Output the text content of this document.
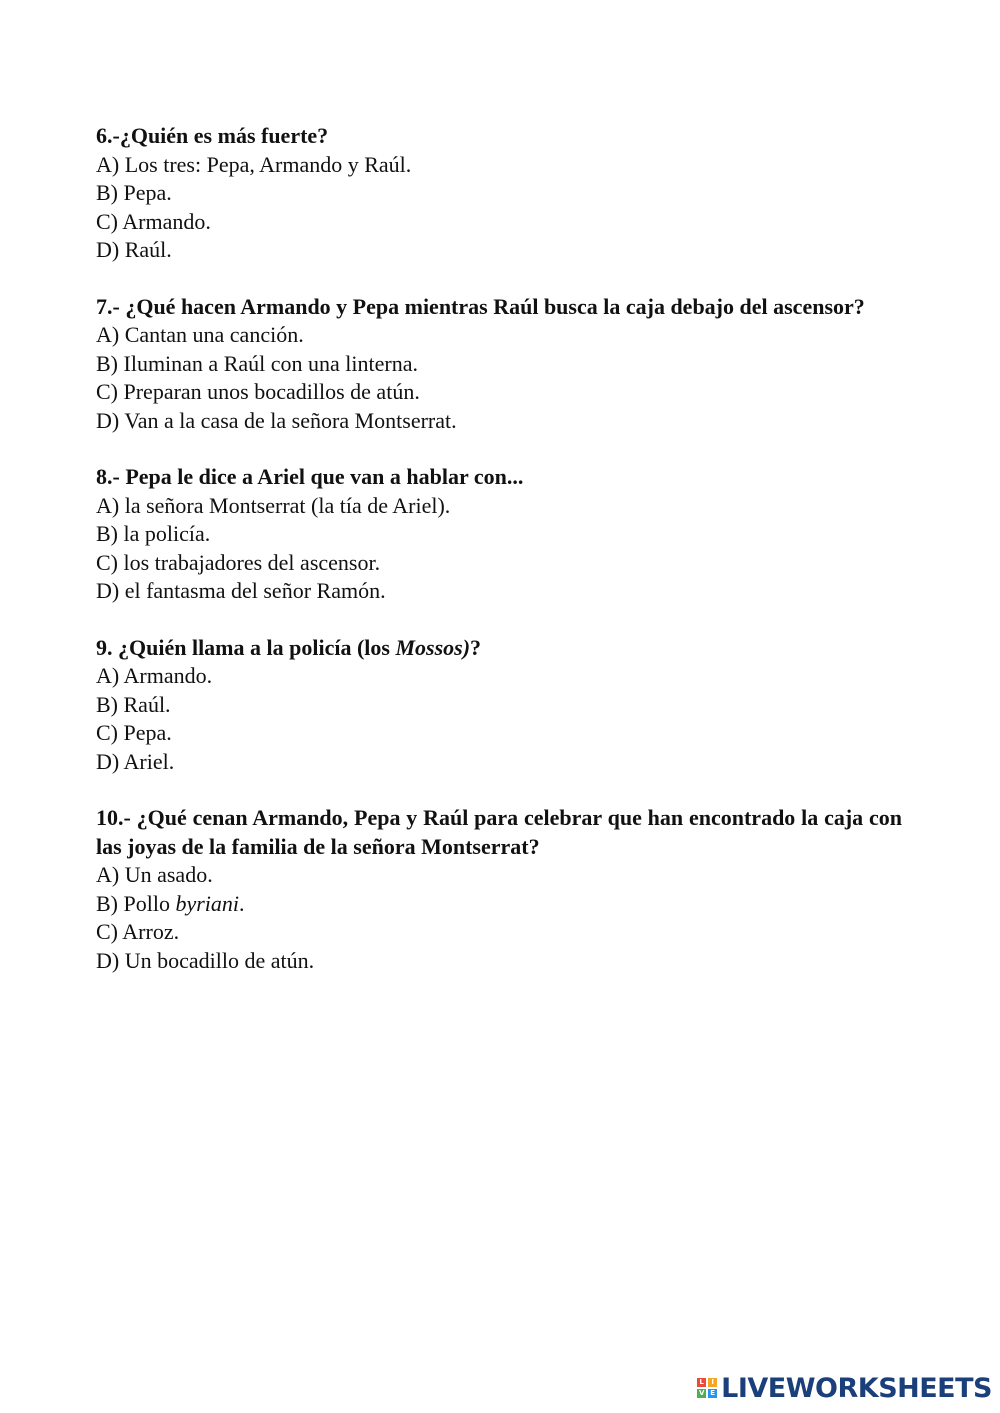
6.-¿Quién es más fuerte?

A) Los tres: Pepa, Armando y Raúl.

B) Pepa.

C) Armando.

D) Raúl.

7.- ¿Qué hacen Armando y Pepa mientras Raúl busca la caja debajo del ascensor?

A) Cantan una canción.

B) Iluminan a Raúl con una linterna.

C) Preparan unos bocadillos de atún.

D) Van a la casa de la señora Montserrat.

8.- Pepa le dice a Ariel que van a hablar con...

A) la señora Montserrat (la tía de Ariel).

B) la policía.

C) los trabajadores del ascensor.

D) el fantasma del señor Ramón.

9. ¿Quién llama a la policía (los Mossos)?

A) Armando.

B) Raúl.

C) Pepa.

D) Ariel.

10.- ¿Qué cenan Armando, Pepa y Raúl para celebrar que han encontrado la caja con las joyas de la familia de la señora Montserrat?

A) Un asado.

B) Pollo byriani.

C) Arroz.

D) Un bocadillo de atún.

L	I
V E LIVEWORKSHEETS
